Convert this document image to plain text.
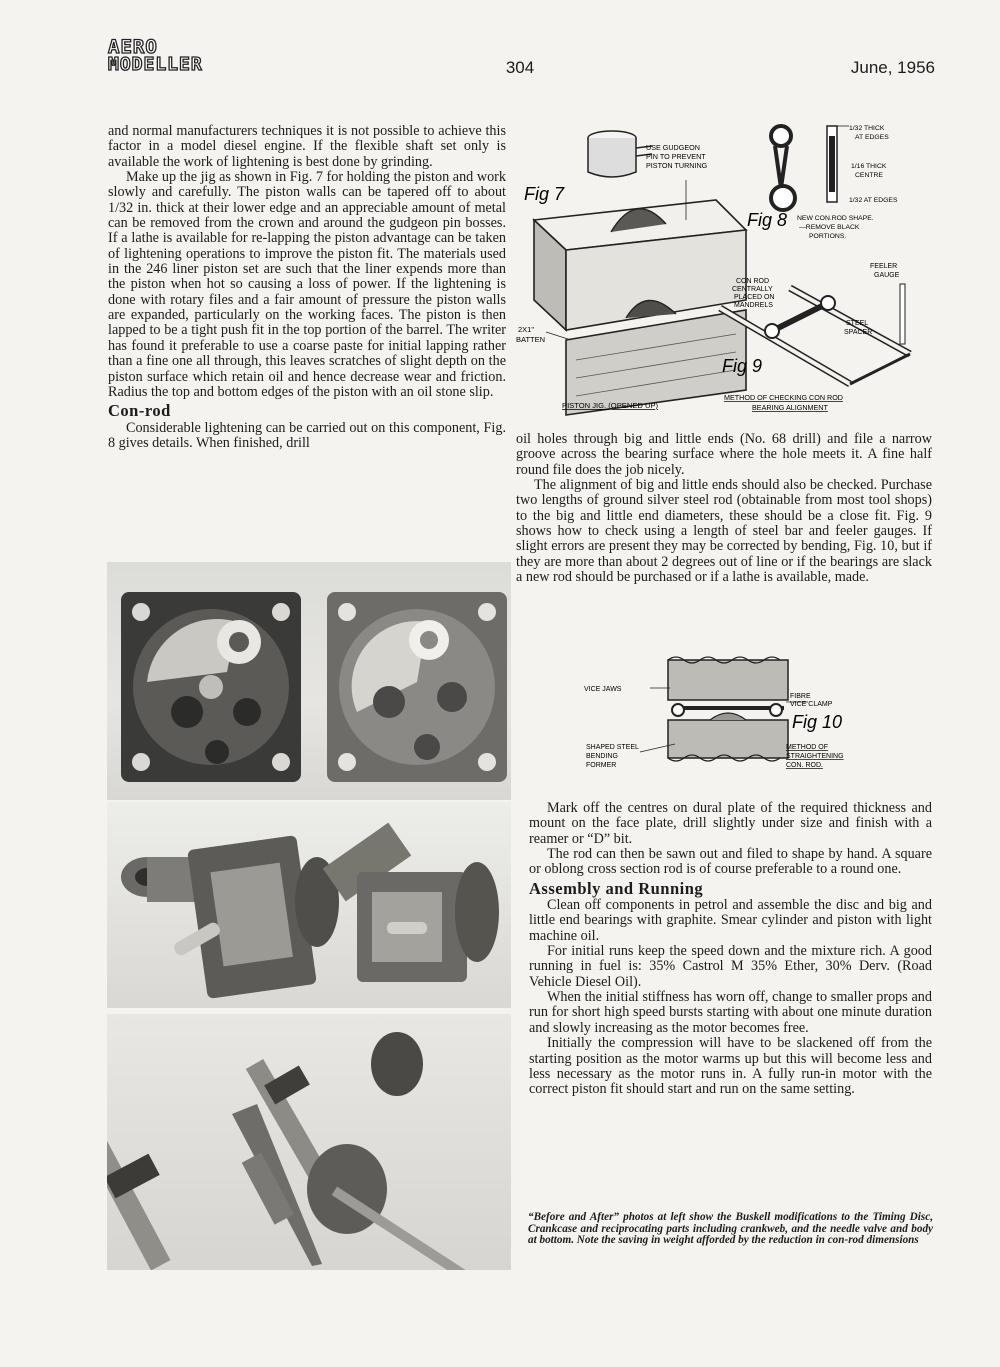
AERO
MODELLER	304	June, 1956

and normal manufacturers techniques it is not possible to achieve this factor in a model diesel engine. If the flexible shaft set only is available the work of lightening is best done by grinding.

Make up the jig as shown in Fig. 7 for holding the piston and work slowly and carefully. The piston walls can be tapered off to about 1/32 in. thick at their lower edge and an appreciable amount of metal can be removed from the crown and around the gudgeon pin bosses. If a lathe is available for re-lapping the piston advantage can be taken of lightening operations to improve the piston fit. The materials used in the 246 liner piston set are such that the liner expends more than the piston when hot so causing a loss of power. If the lightening is done with rotary files and a fair amount of pressure the piston walls are expanded, particularly on the working faces. The piston is then lapped to be a tight push fit in the top portion of the barrel. The writer has found it preferable to use a coarse paste for initial lapping rather than a fine one all through, this leaves scratches of slight depth on the piston surface which retain oil and hence decrease wear and friction. Radius the top and bottom edges of the piston with an oil stone slip.

Con-rod

Considerable lightening can be carried out on this component, Fig. 8 gives details. When finished, drill

USE GUDGEON
PIN TO PREVENT
PISTON TURNING
Fig 7
2X1"
BATTEN
PISTON JIG. (OPENED UP)
1/32 THICK
AT EDGES
1/16 THICK
CENTRE
1/32 AT EDGES
Fig 8 NEW CON.ROD SHAPE.
—REMOVE BLACK
PORTIONS.
FEELER
GAUGE
CON ROD
CENTRALLY
PLACED ON
MANDRELS
STEEL
SPACER
Fig 9
METHOD OF CHECKING CON ROD
BEARING ALIGNMENT

oil holes through big and little ends (No. 68 drill) and file a narrow groove across the bearing surface where the hole meets it. A fine half round file does the job nicely.

The alignment of big and little ends should also be checked. Purchase two lengths of ground silver steel rod (obtainable from most tool shops) to the big and little end diameters, these should be a close fit. Fig. 9 shows how to check using a length of steel bar and feeler gauges. If slight errors are present they may be corrected by bending, Fig. 10, but if they are more than about 2 degrees out of line or if the bearings are slack a new rod should be purchased or if a lathe is available, made.

VICE JAWS
FIBRE
VICE CLAMP
Fig 10
SHAPED STEEL
BENDING
FORMER
METHOD OF
STRAIGHTENING
CON. ROD.

Mark off the centres on dural plate of the required thickness and mount on the face plate, drill slightly under size and finish with a reamer or “D” bit.

The rod can then be sawn out and filed to shape by hand. A square or oblong cross section rod is of course preferable to a round one.

Assembly and Running

Clean off components in petrol and assemble the disc and big and little end bearings with graphite. Smear cylinder and piston with light machine oil.

For initial runs keep the speed down and the mixture rich. A good running in fuel is: 35% Castrol M 35% Ether, 30% Derv. (Road Vehicle Diesel Oil).

When the initial stiffness has worn off, change to smaller props and run for short high speed bursts starting with about one minute duration and slowly increasing as the motor becomes free.

Initially the compression will have to be slackened off from the starting position as the motor warms up but this will become less and less necessary as the motor runs in. A fully run-in motor with the correct piston fit should start and run on the same setting.

“Before and After” photos at left show the Buskell modifications to the Timing Disc, Crankcase and reciprocating parts including crankweb, and the needle valve and body at bottom. Note the saving in weight afforded by the reduction in con-rod dimensions
